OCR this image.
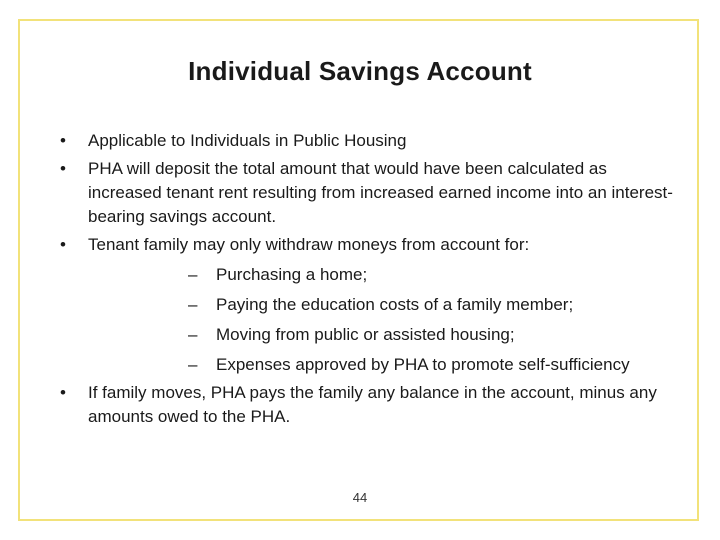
Individual Savings Account
•	Applicable to Individuals in Public Housing
•	PHA will deposit the total amount that would have been calculated as increased tenant rent resulting from increased earned income into an interest-bearing savings account.
•	Tenant family may only withdraw moneys from account for:
– Purchasing a home;
– Paying the education costs of a family member;
– Moving from public or assisted housing;
– Expenses approved by PHA to promote self-sufficiency
•	If family moves, PHA pays the family any balance in the account, minus any amounts owed to the PHA.
44
